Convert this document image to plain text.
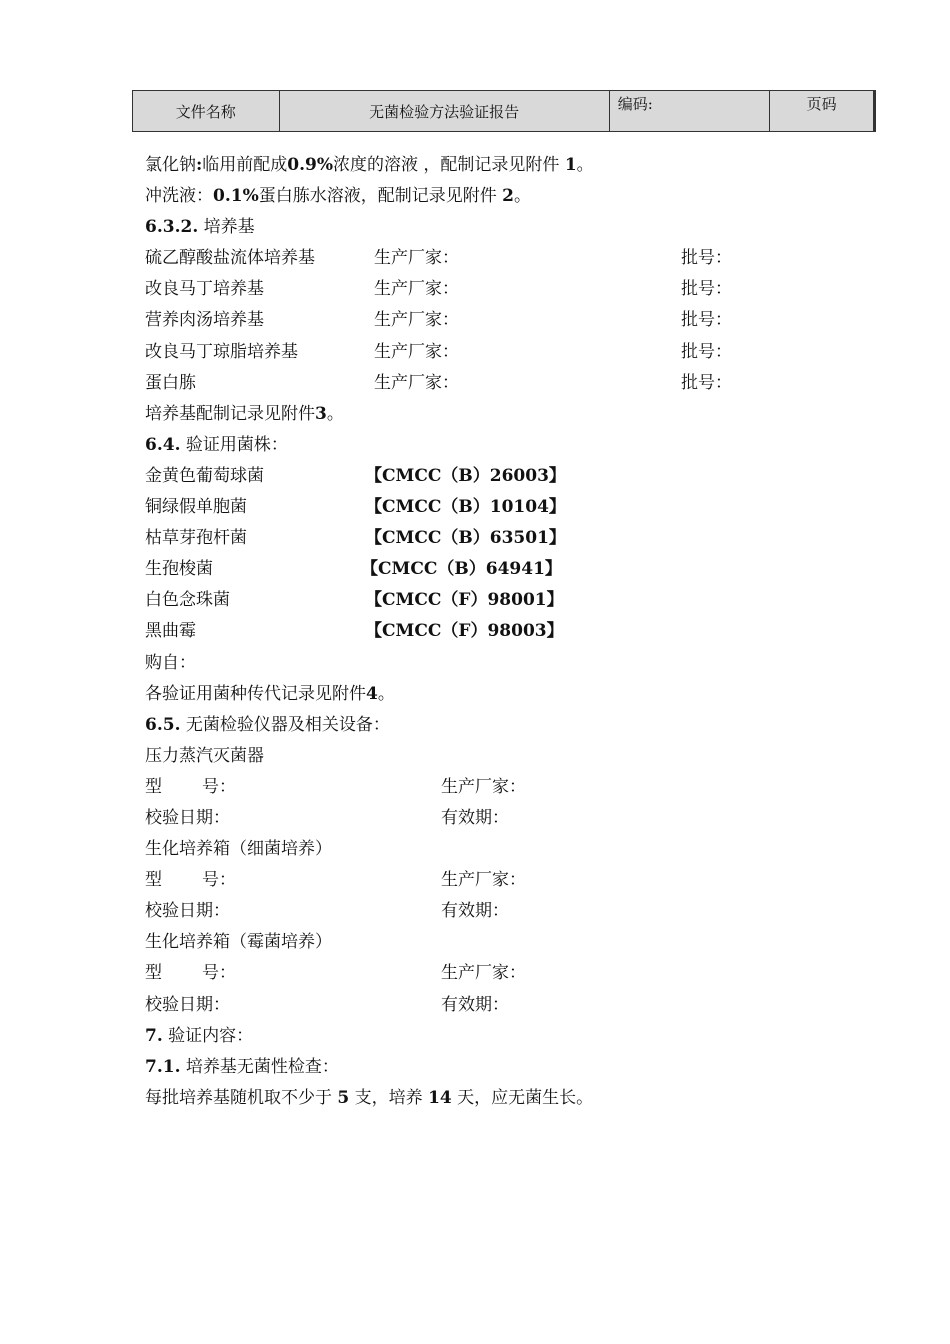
文件名称	无菌检验方法验证报告	编码:	页码
氯化钠:临用前配成0.9%浓度的溶液 ，配制记录见附件 1。
冲洗液：0.1%蛋白胨水溶液，配制记录见附件 2。
6.3.2. 培养基
硫乙醇酸盐流体培养基	生产厂家：	批号：
改良马丁培养基	生产厂家：	批号：
营养肉汤培养基	生产厂家：	批号：
改良马丁琼脂培养基	生产厂家：	批号：
蛋白胨	生产厂家：	批号：
培养基配制记录见附件3。
6.4. 验证用菌株：
金黄色葡萄球菌	【CMCC（B）26003】
铜绿假单胞菌	【CMCC（B）10104】
枯草芽孢杆菌	【CMCC（B）63501】
生孢梭菌	【CMCC（B）64941】
白色念珠菌	【CMCC（F）98001】
黑曲霉	【CMCC（F）98003】
购自：
各验证用菌种传代记录见附件4。
6.5. 无菌检验仪器及相关设备：
压力蒸汽灭菌器
型 号：	生产厂家：
校验日期：	有效期：
生化培养箱（细菌培养）
型 号：	生产厂家：
校验日期：	有效期：
生化培养箱（霉菌培养）
型 号：	生产厂家：
校验日期：	有效期：
7. 验证内容：
7.1. 培养基无菌性检查：
每批培养基随机取不少于 5 支，培养 14 天，应无菌生长。
